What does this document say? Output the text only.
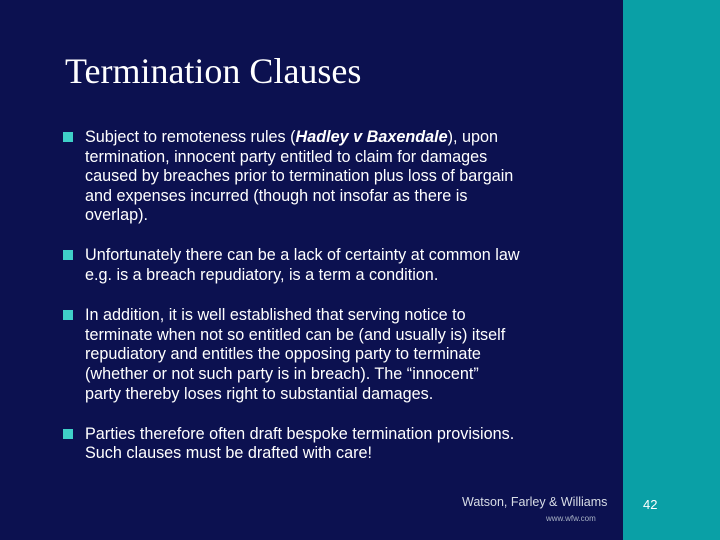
Termination Clauses
Subject to remoteness rules (Hadley v Baxendale), upon
termination, innocent party entitled to claim for damages
caused by breaches prior to termination plus loss of bargain
and expenses incurred (though not insofar as there is
overlap).
Unfortunately there can be a lack of certainty at common law
e.g. is a breach repudiatory, is a term a condition.
In addition, it is well established that serving notice to
terminate when not so entitled can be (and usually is) itself
repudiatory and entitles the opposing party to terminate
(whether or not such party is in breach). The “innocent”
party thereby loses right to substantial damages.
Parties therefore often draft bespoke termination provisions.
Such clauses must be drafted with care!
Watson, Farley & Williams
www.wfw.com
42
